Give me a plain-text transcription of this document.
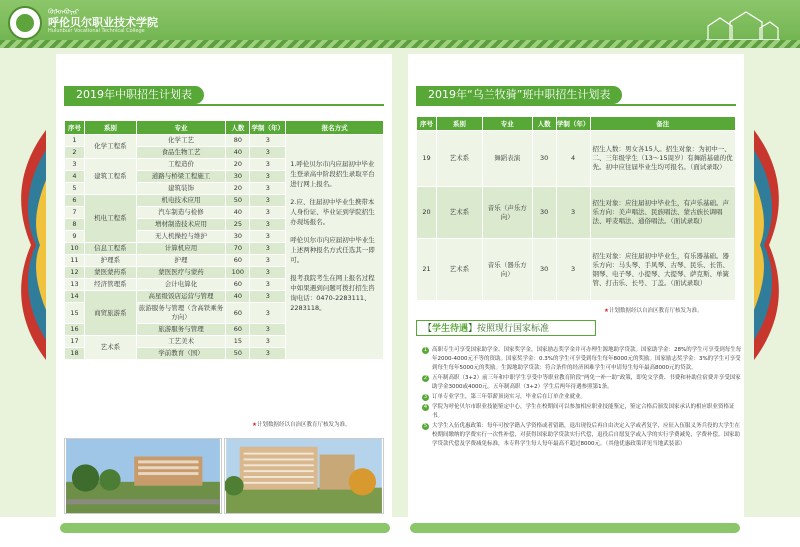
ᠬᠥᠯᠥᠨᠪᠤᠶᠢᠷ
呼伦贝尔职业技术学院
Hulunbuir Vocational Technical College
2019年中职招生计划表
序号	系别	专业	人数	学制（年）	报名方式
1	化学工程系	化学工艺	80	3	1.呼伦贝尔市内应届初中毕业生登录高中阶段招生录取平台进行网上报名。

2.应、往届初中毕业生携带本人身份证、毕业证到学院招生办现场报名。

呼伦贝尔市内应届初中毕业生上述两种报名方式任选其一即可。

报考我院考生在网上报名过程中如果遇到问题可拨打招生咨询电话：0470-2283111、2283118。

2		食品生物工艺	40	3	
3	建筑工程系	工程造价	20	3	
4		道路与桥梁工程施工	30	3	
5		建筑装饰	20	3	
6	机电工程系	机电技术应用	50	3	
7		汽车制造与检修	40	3	
8		增材制造技术应用	25	3	
9		无人机操控与维护	30	3	
10	信息工程系	计算机应用	70	3	
11	护理系	护理	60	3	
12	蒙医蒙药系	蒙医医疗与蒙药	100	3	
13	经济管理系	会计电算化	60	3	
14	商贸旅游系	高星级饭店运营与管理	40	3	
15		旅游服务与管理（含高铁乘务方向）	60	3	
16		旅游服务与管理	60	3	
17	艺术系	工艺美术	15	3	
18		学前教育（国）	50	3	
★计划数据经以自治区教育厅核发为准。
2019年“乌兰牧骑”班中职招生计划表
序号	系别	专业	人数	学制（年）	备注
19	艺术系	舞蹈表演	30	4	招生人数：男女各15人。招生对象：为初中一、二、三年级学生（13～15周岁）有舞蹈基础的优先。初中应往届毕业生均可报名。（面试录取）
20	艺术系	音乐（声乐方向）	30	3	招生对象：应往届初中毕业生，有声乐基础。声乐方向：美声唱法、民族唱法、蒙古族长调唱法、呼麦唱法、通俗唱法。（面试录取）
21	艺术系	音乐（器乐方向）	30	3	招生对象：应往届初中毕业生，有乐器基础。器乐方向：马头琴、手风琴、古琴、民乐、长笛、钢琴、电子琴、小提琴、大提琴、萨克斯、单簧管、打击乐、长号、丁盖。（面试录取）
★计划数据经以自治区教育厅核发为准。
【学生待遇】按照现行国家标准
1 高职专生可享受国家助学金、国家奖学金，国家励志奖学金并可办理生源地助学贷款。国家助学金：28%的学生可享受到每生每年2000-4000元不等的资助。国家奖学金：0.3%的学生可享受到每生每年8000元的奖励。国家励志奖学金：3%的学生可享受到每生每年5000元的奖励。生源地助学贷款：符合条件的经济困难学生可申请每生每年最高8000元的贷款。
2 五年制高职（3+2）前三年和中职学生享受中等职业教育阶段“两免一补一助”政策，即免交学费、书费和补助住宿费并享受国家助学金3000或4000元。五年制高职（3+2）学生后两年待遇参照第1条。
3 订单专业学生，第三年带薪顶岗实习，毕业后在订单企业就业。
4 学院为呼伦贝尔市职业技能鉴定中心，学生在校期间可以参加相应职业技能鉴定，鉴定合格后颁发国家承认的相应职业资格证书。
5 大学生入伍优惠政策：每年可按学籍入学资格或者留籍，退出现役后再自由决定入学或者复学，应征入伍服义务兵役的大学生在校期间缴纳的学费实行一次性补偿，对获得国家助学贷款实行代偿，退役后自愿复学或入学的实行学费减免，学费补偿。国家助学贷款代偿及学费减免标准，本专科学生每人每年最高不超过8000元。（其他优惠政策详见当地武装部）
